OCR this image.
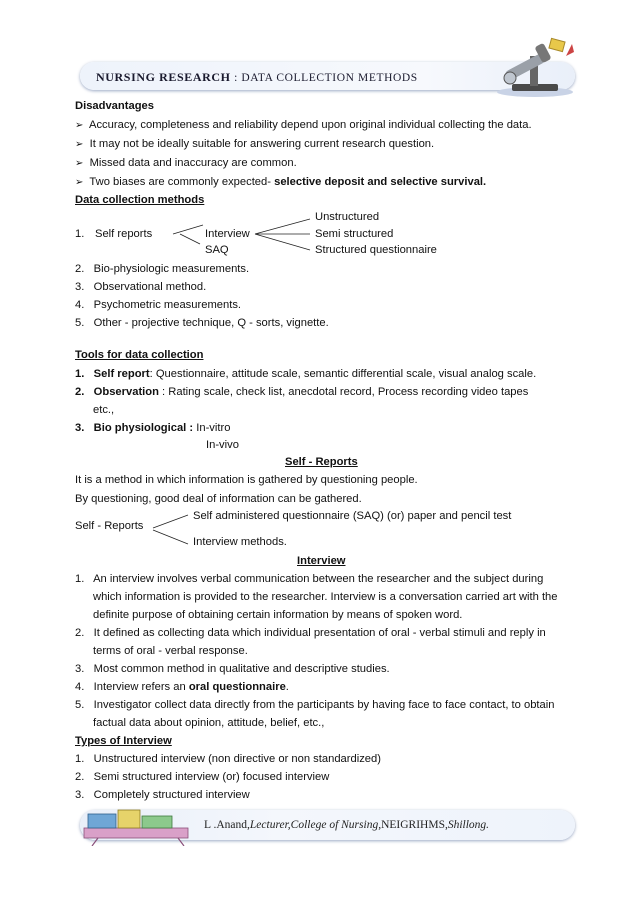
NURSING RESEARCH : DATA COLLECTION METHODS
Disadvantages
➢ Accuracy, completeness and reliability depend upon original individual collecting the data.
➢ It may not be ideally suitable for answering current research question.
➢ Missed data and inaccuracy are common.
➢ Two biases are commonly expected- selective deposit and selective survival.
Data collection methods
Unstructured
1. Self reports	Interview	Semi structured
SAQ	Structured questionnaire
2. Bio-physiologic measurements.
3. Observational method.
4. Psychometric measurements.
5. Other - projective technique, Q - sorts, vignette.
Tools for data collection
1. Self report: Questionnaire, attitude scale, semantic differential scale, visual analog scale.
2. Observation : Rating scale, check list, anecdotal record, Process recording video tapes
etc.,
3. Bio physiological : In-vitro
In-vivo
Self - Reports
It is a method in which information is gathered by questioning people.
By questioning, good deal of information can be gathered.
Self administered questionnaire (SAQ) (or) paper and pencil test
Self - Reports
Interview methods.
Interview
1. An interview involves verbal communication between the researcher and the subject during
which information is provided to the researcher. Interview is a conversation carried art with the
definite purpose of obtaining certain information by means of spoken word.
2. It defined as collecting data which individual presentation of oral - verbal stimuli and reply in
terms of oral - verbal response.
3. Most common method in qualitative and descriptive studies.
4. Interview refers an oral questionnaire.
5. Investigator collect data directly from the participants by having face to face contact, to obtain
factual data about opinion, attitude, belief, etc.,
Types of Interview
1. Unstructured interview (non directive or non standardized)
2. Semi structured interview (or) focused interview
3. Completely structured interview
L .Anand,Lecturer,College of Nursing,NEIGRIHMS,Shillong.
